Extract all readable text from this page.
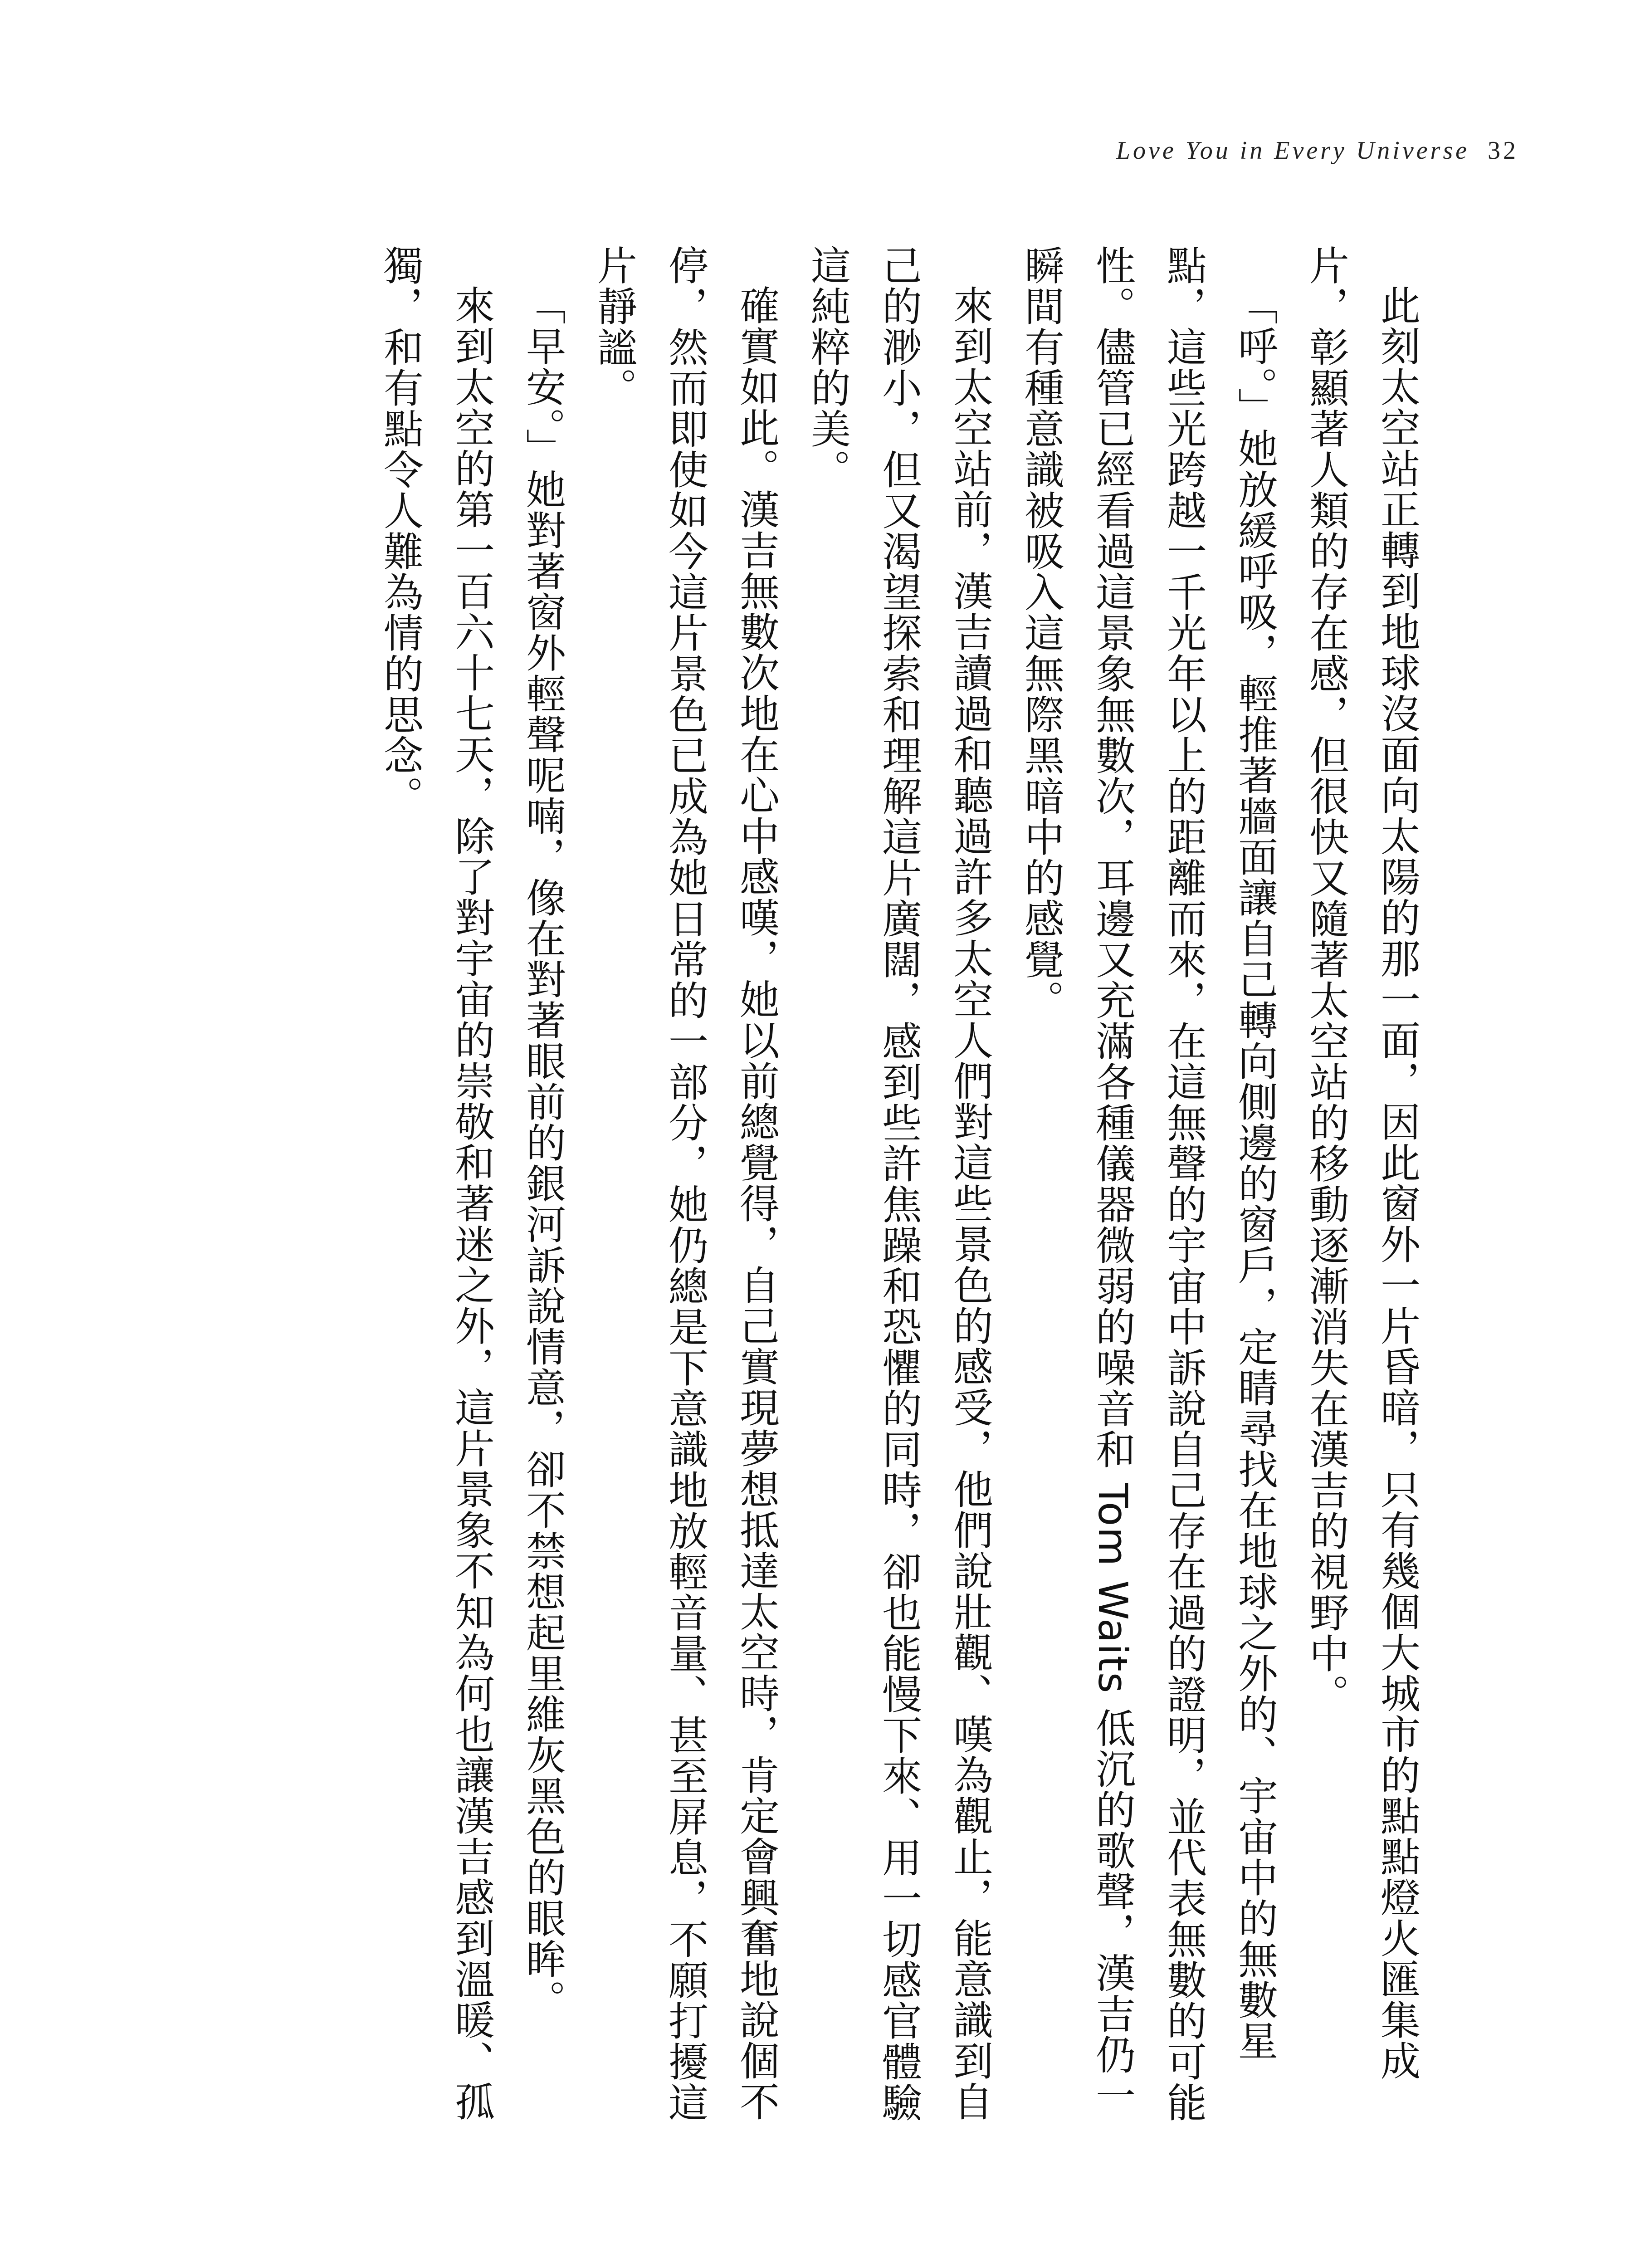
Love You in Every Universe 32

此刻太空站正轉到地球沒面向太陽的那一面，因此窗外一片昏暗，只有幾個大城市的點點燈火匯集成片，彰顯著人類的存在感，但很快又隨著太空站的移動逐漸消失在漢吉的視野中。

「呼。」她放緩呼吸，輕推著牆面讓自己轉向側邊的窗戶，定睛尋找在地球之外的、宇宙中的無數星點，這些光跨越一千光年以上的距離而來，在這無聲的宇宙中訴說自己存在過的證明，並代表無數的可能性。儘管已經看過這景象無數次，耳邊又充滿各種儀器微弱的噪音和 Tom Waits 低沉的歌聲，漢吉仍一瞬間有種意識被吸入這無際黑暗中的感覺。

來到太空站前，漢吉讀過和聽過許多太空人們對這些景色的感受，他們說壯觀、嘆為觀止，能意識到自己的渺小，但又渴望探索和理解這片廣闊，感到些許焦躁和恐懼的同時，卻也能慢下來、用一切感官體驗這純粹的美。

確實如此。漢吉無數次地在心中感嘆，她以前總覺得，自己實現夢想抵達太空時，肯定會興奮地說個不停，然而即使如今這片景色已成為她日常的一部分，她仍總是下意識地放輕音量、甚至屏息，不願打擾這片靜謐。

「早安。」她對著窗外輕聲呢喃，像在對著眼前的銀河訴說情意，卻不禁想起里維灰黑色的眼眸。

來到太空的第一百六十七天，除了對宇宙的崇敬和著迷之外，這片景象不知為何也讓漢吉感到溫暖、孤獨，和有點令人難為情的思念。
